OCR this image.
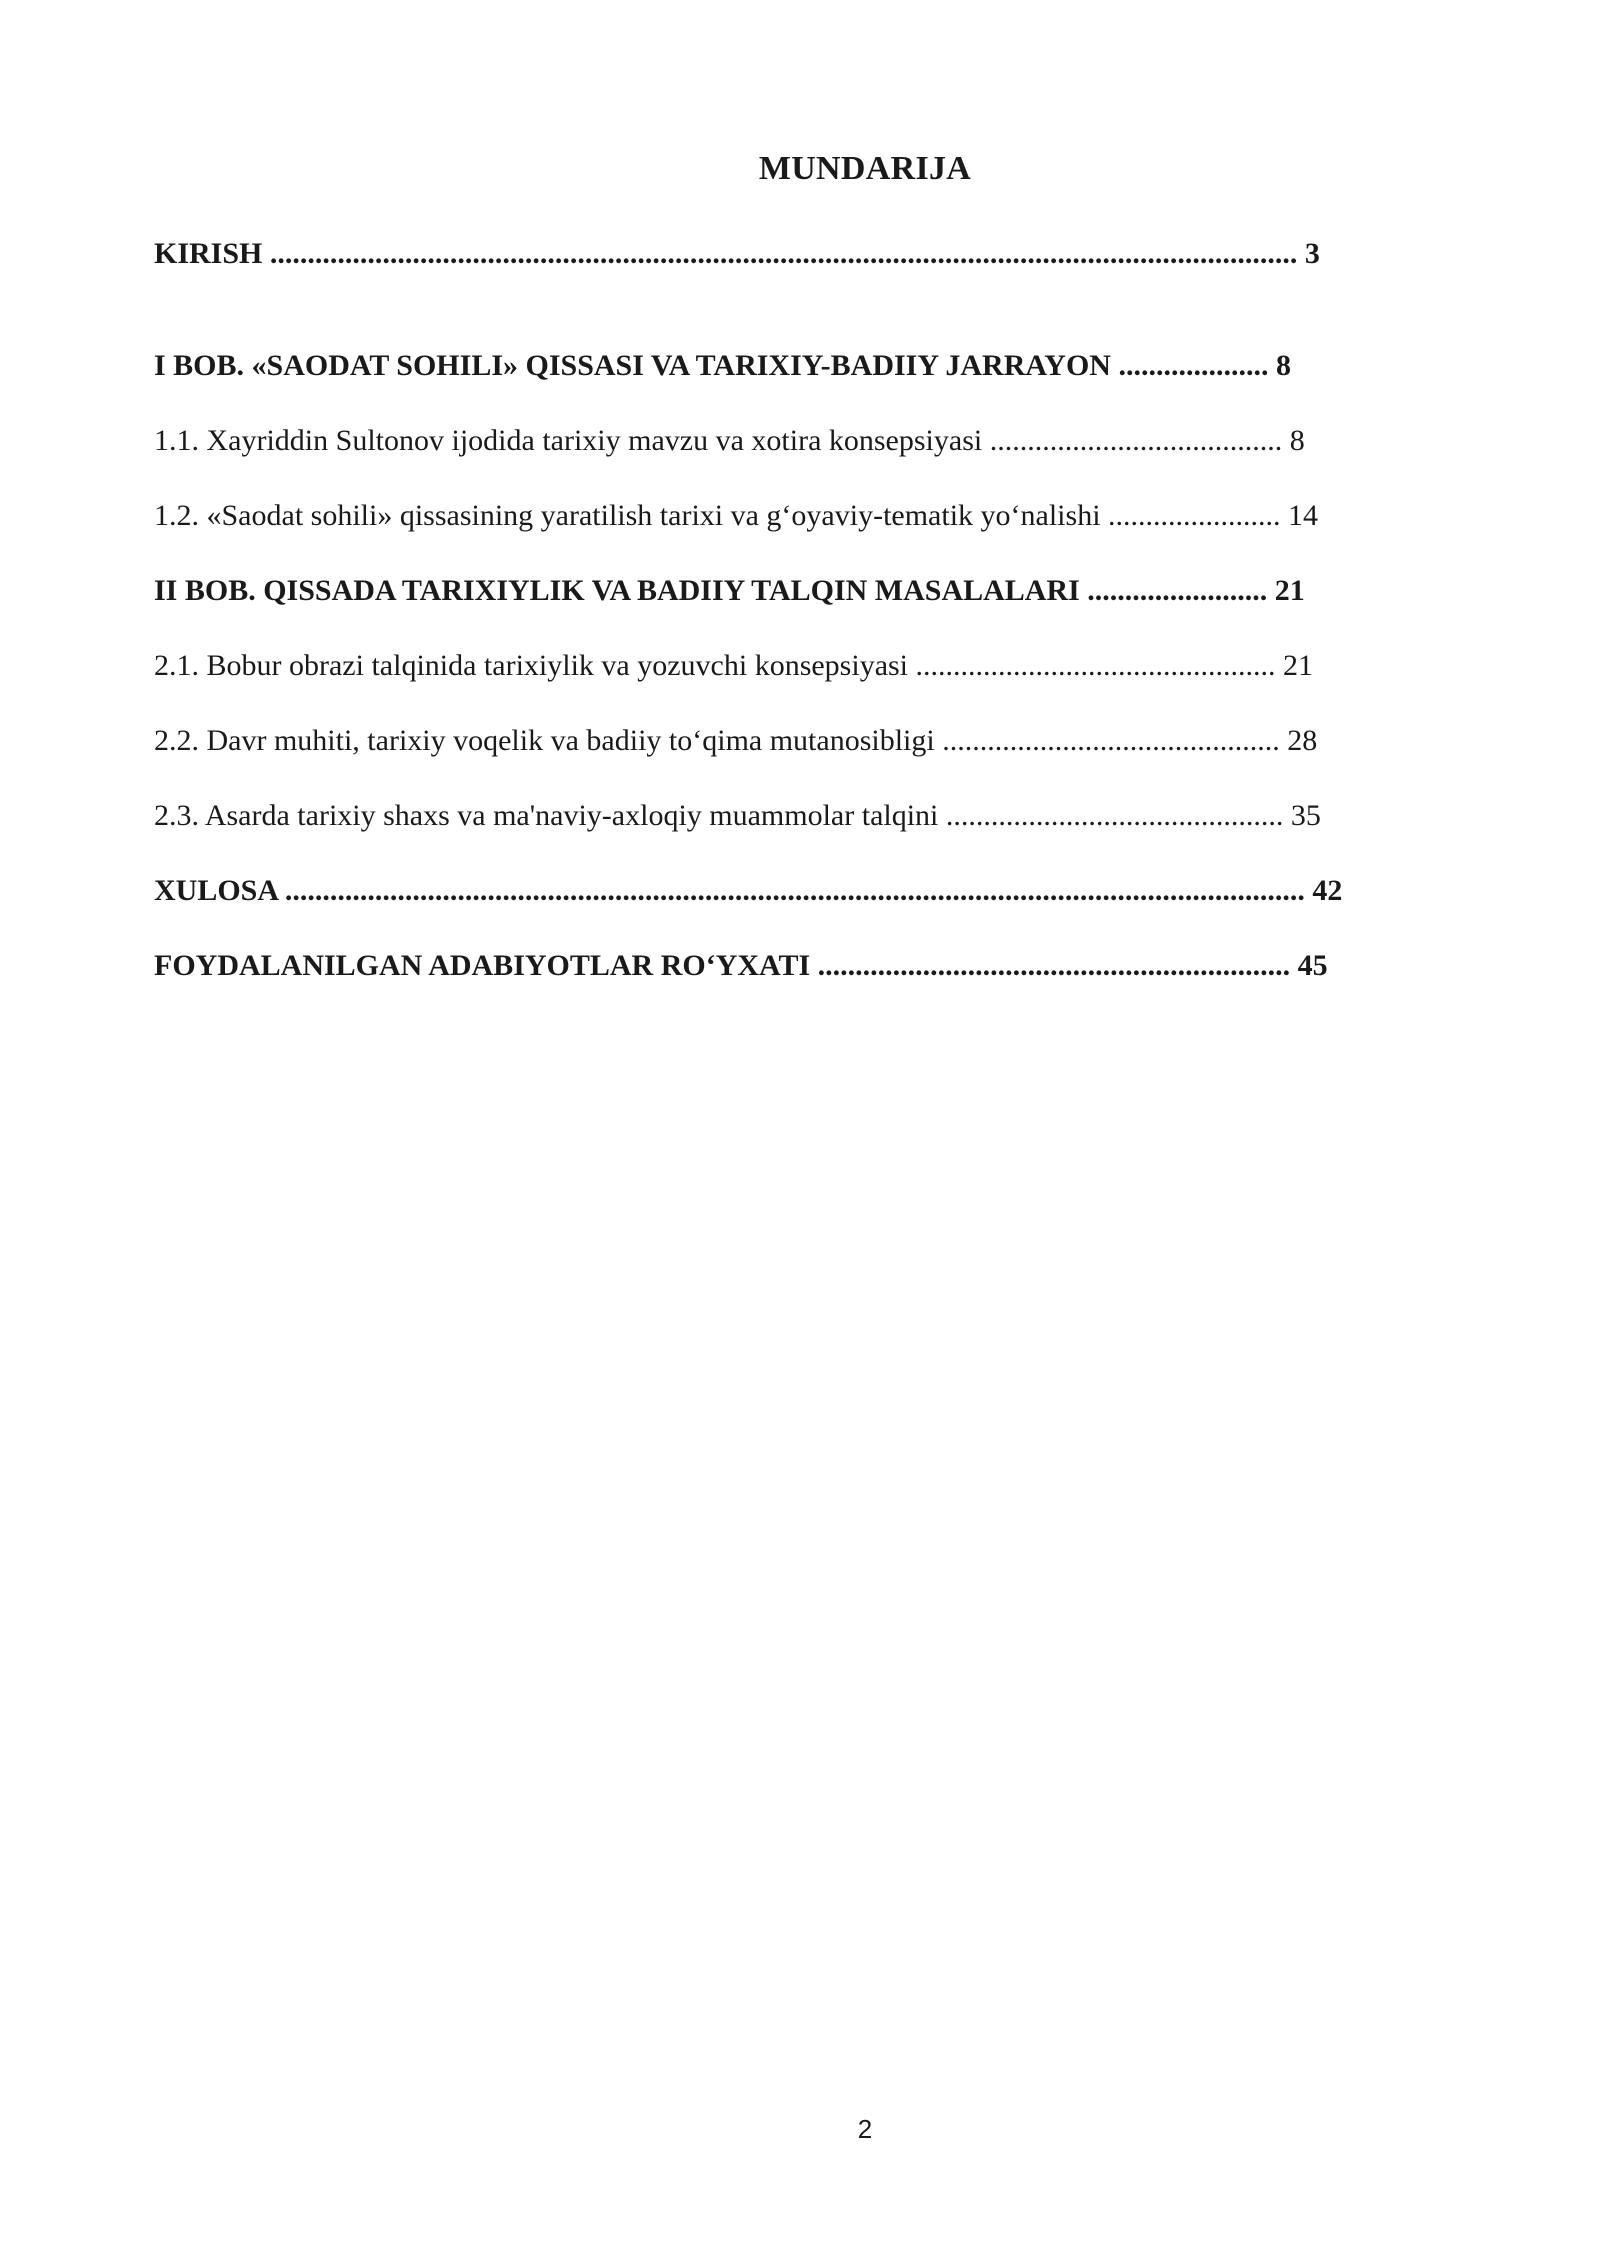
MUNDARIJA
KIRISH ......................................................................................................................................... 3
I BOB. «SAODAT SOHILI» QISSASI VA TARIXIY-BADIIY JARRAYON .................... 8
1.1. Xayriddin Sultonov ijodida tarixiy mavzu va xotira konsepsiyasi ....................................... 8
1.2. «Saodat sohili» qissasining yaratilish tarixi va g‘oyaviy-tematik yo‘nalishi ....................... 14
II BOB. QISSADA TARIXIYLIK VA BADIIY TALQIN MASALALARI ........................ 21
2.1. Bobur obrazi talqinida tarixiylik va yozuvchi konsepsiyasi ................................................ 21
2.2. Davr muhiti, tarixiy voqelik va badiiy to‘qima mutanosibligi ............................................. 28
2.3. Asarda tarixiy shaxs va ma'naviy-axloqiy muammolar talqini ............................................. 35
XULOSA ........................................................................................................................................ 42
FOYDALANILGAN ADABIYOTLAR RO‘YXATI ............................................................... 45
2
